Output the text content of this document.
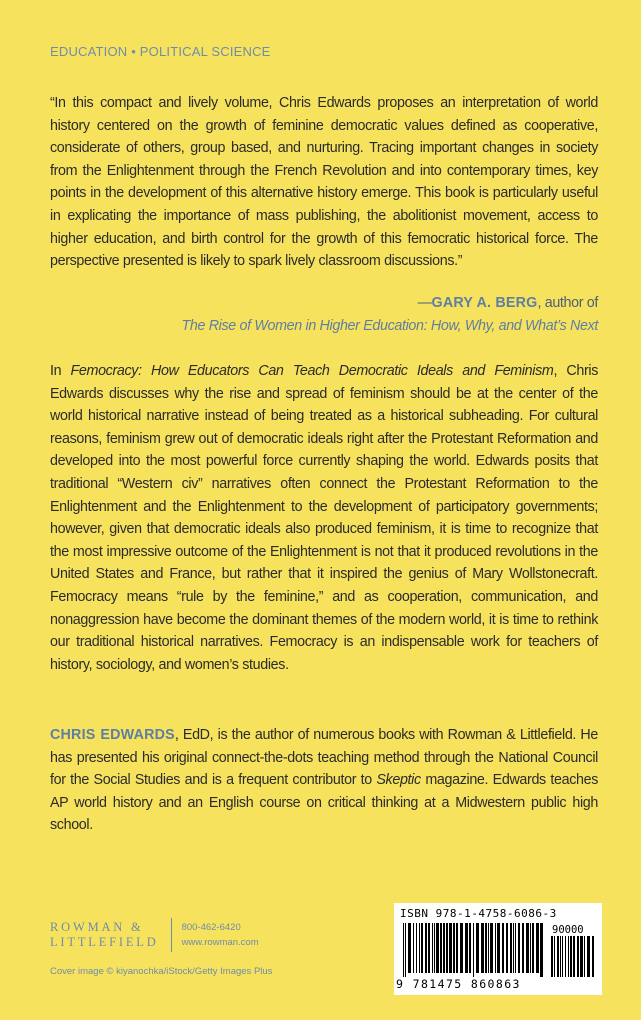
EDUCATION • POLITICAL SCIENCE

“In this compact and lively volume, Chris Edwards proposes an interpretation of world history centered on the growth of feminine democratic values defined as cooperative, considerate of others, group based, and nurturing. Tracing important changes in society from the Enlightenment through the French Revolution and into contemporary times, key points in the development of this alternative history emerge. This book is particularly useful in explicating the importance of mass publishing, the abolitionist movement, access to higher education, and birth control for the growth of this femocratic historical force. The perspective presented is likely to spark lively classroom discussions.”

—GARY A. BERG, author of
The Rise of Women in Higher Education: How, Why, and What’s Next

In Femocracy: How Educators Can Teach Democratic Ideals and Feminism, Chris Edwards discusses why the rise and spread of feminism should be at the center of the world historical narrative instead of being treated as a historical subheading. For cultural reasons, feminism grew out of democratic ideals right after the Protestant Reformation and developed into the most powerful force currently shaping the world. Edwards posits that traditional “Western civ” narratives often connect the Protestant Reformation to the Enlightenment and the Enlightenment to the development of participatory governments; however, given that democratic ideals also produced feminism, it is time to recognize that the most impressive outcome of the Enlightenment is not that it produced revolutions in the United States and France, but rather that it inspired the genius of Mary Wollstonecraft. Femocracy means “rule by the feminine,” and as cooperation, communication, and nonaggression have become the dominant themes of the modern world, it is time to rethink our traditional historical narratives. Femocracy is an indispensable work for teachers of history, sociology, and women’s studies.

CHRIS EDWARDS, EdD, is the author of numerous books with Rowman & Littlefield. He has presented his original connect-the-dots teaching method through the National Council for the Social Studies and is a frequent contributor to Skeptic magazine. Edwards teaches AP world history and an English course on critical thinking at a Midwestern public high school.

ROWMAN &
LITTLEFIELD
800-462-6420
www.rowman.com
Cover image © kiyanochka/iStock/Getty Images Plus
ISBN 978-1-4758-6086-3
90000
9 781475 860863
